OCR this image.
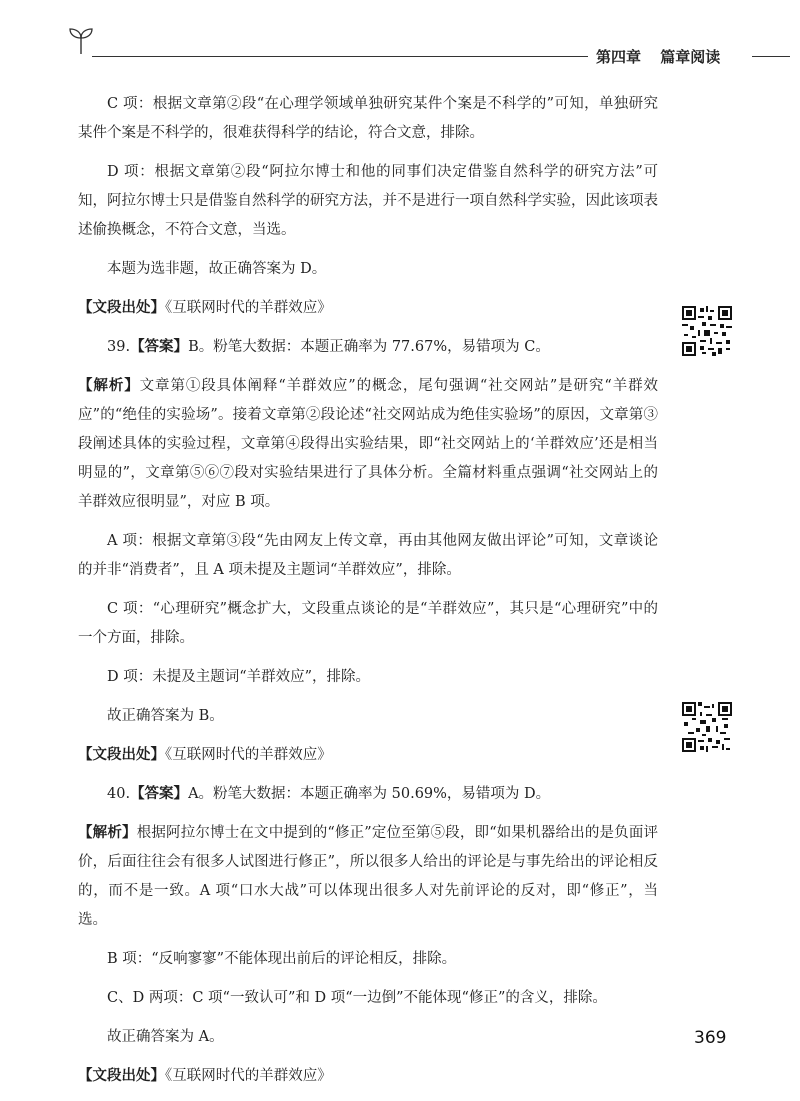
第四章 篇章阅读

C 项：根据文章第②段“在心理学领域单独研究某件个案是不科学的”可知，单独研究某件个案是不科学的，很难获得科学的结论，符合文意，排除。

D 项：根据文章第②段“阿拉尔博士和他的同事们决定借鉴自然科学的研究方法”可知，阿拉尔博士只是借鉴自然科学的研究方法，并不是进行一项自然科学实验，因此该项表述偷换概念，不符合文意，当选。

本题为选非题，故正确答案为 D。

【文段出处】《互联网时代的羊群效应》

39.【答案】B。粉笔大数据：本题正确率为 77.67%，易错项为 C。

【解析】文章第①段具体阐释“羊群效应”的概念，尾句强调“社交网站”是研究“羊群效应”的“绝佳的实验场”。接着文章第②段论述“社交网站成为绝佳实验场”的原因，文章第③段阐述具体的实验过程，文章第④段得出实验结果，即“社交网站上的‘羊群效应’还是相当明显的”，文章第⑤⑥⑦段对实验结果进行了具体分析。全篇材料重点强调“社交网站上的羊群效应很明显”，对应 B 项。

A 项：根据文章第③段“先由网友上传文章，再由其他网友做出评论”可知，文章谈论的并非“消费者”，且 A 项未提及主题词“羊群效应”，排除。

C 项：“心理研究”概念扩大，文段重点谈论的是“羊群效应”，其只是“心理研究”中的一个方面，排除。

D 项：未提及主题词“羊群效应”，排除。

故正确答案为 B。

【文段出处】《互联网时代的羊群效应》

40.【答案】A。粉笔大数据：本题正确率为 50.69%，易错项为 D。

【解析】根据阿拉尔博士在文中提到的“修正”定位至第⑤段，即“如果机器给出的是负面评价，后面往往会有很多人试图进行修正”，所以很多人给出的评论是与事先给出的评论相反的，而不是一致。A 项“口水大战”可以体现出很多人对先前评论的反对，即“修正”，当选。

B 项：“反响寥寥”不能体现出前后的评论相反，排除。

C、D 两项：C 项“一致认可”和 D 项“一边倒”不能体现“修正”的含义，排除。

故正确答案为 A。

【文段出处】《互联网时代的羊群效应》

369
